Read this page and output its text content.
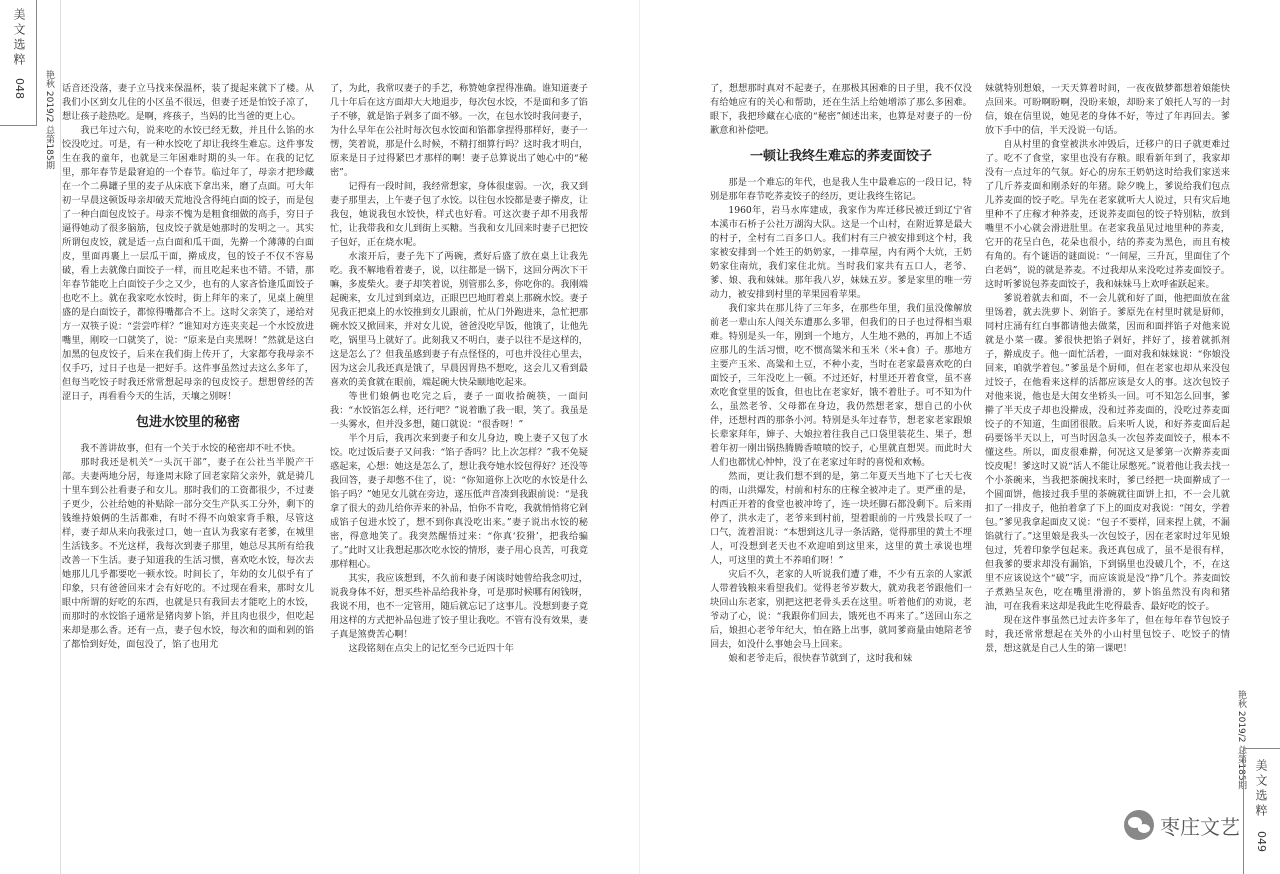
美文选粹
048 艳秋 2019/2 总第185期 话音还没落，妻子立马找来保温杯，装了提起来就下了楼。从我们小区到女儿住的小区虽不很远，但妻子还是怕饺子凉了，想让孩子趁热吃。是啊，疼孩子，当妈的比当爸的更上心。

我已年过六旬，说来吃的水饺已经无数，并且什么馅的水饺没吃过。可是，有一种水饺吃了却让我终生难忘。这件事发生在我的童年，也就是三年困难时期的头一年。在我的记忆里，那年春节是最窘迫的一个春节。临过年了，母亲才把珍藏在一个二鼻罐子里的麦子从床底下拿出来，磨了点面。可大年初一早晨这顿饭母亲却破天荒地没含得纯白面的饺子，而是包了一种白面包皮饺子。母亲不愧为是粗食细做的高手，穷日子逼得她动了很多脑筋，包皮饺子就是她那时的发明之一。其实所谓包皮饺，就是适一点白面和瓜干面，先擀一个薄薄的白面皮，里面再裹上一层瓜干面，擀成皮，包的饺子不仅不容易破，看上去就像白面饺子一样，而且吃起来也不错。不错，那年春节能吃上白面饺子少之又少，也有的人家吝恰逢瓜面饺子也吃不上。就在我家吃水饺时，街上拜年的来了，见桌上碗里盛的是白面饺子，都惊得嘴都合不上。这时父亲笑了，递给对方一双筷子说：“尝尝咋样？”谁知对方连夹夹起一个水饺放进嘴里，刚咬一口就笑了，说：“原来是白夹黑呀！”然就是这白加黑的包皮饺子，后来在我们街上传开了，大家都夸我母亲不仅手巧，过日子也是一把好手。这件事虽然过去这么多年了，但每当吃饺子时我还常常想起母亲的包皮饺子。想想曾经的苦涩日子，再看看今天的生活，天壤之别呀！

包进水饺里的秘密

我不善讲故事，但有一个关于水饺的秘密却不吐不快。

那时我还是机关“一头沉干部”，妻子在公社当半脱产干部。夫妻两地分居，每逢周末除了回老家陪父亲外，就是骑几十里车到公社看妻子和女儿。那时我们的工资都很少，不过妻子更少，公社给她的补贴除一部分交生产队买工分外，剩下的钱维持娘俩的生活都难，有时不得不向娘家背手粮，尽管这样，妻子却从来向我张过口，她一直认为我家有老爹，在城里生活钱多。不光这样，我每次到妻子那里，她总尽其所有给我改善一下生活。妻子知道我的生活习惯，喜欢吃水饺，每次去她那儿几乎都要吃一顿水饺。时间长了，年幼的女儿似乎有了印象，只有爸爸回来才会有好吃的。不过现在看来，那时女儿眼中所谓的好吃的东西，也就是只有我回去才能吃上的水饺，而那时的水饺馅子通常是猪肉萝卜馅，并且肉也很少，但吃起来却是那么香。还有一点，妻子包水饺，每次和的面和剁的馅了都恰到好处，面包没了，馅了也用尤

了，为此，我常叹妻子的手艺，称赞她拿捏得准确。谁知道妻子几十年后在这方面却大大地退步，每次包水饺，不是面和多了馅子不够，就是馅子剁多了面不够。一次，在包水饺时我问妻子，为什么早年在公社时每次包水饺面和馅都拿捏得那样好，妻子一愣，笑着说，那是什么时候，不精打细算行吗？这时我才明白，原来是日子过得紧巴才那样的啊！妻子总算说出了她心中的“秘密”。

记得有一段时间，我经常想家，身体很虚弱。一次，我又到妻子那里去，上午妻子包了水饺。以往包水饺都是妻子擀皮，让我包，她说我包水饺快，样式也好看。可这次妻子却不用我帮忙，让我带我和女儿到街上买糖。当我和女儿回来时妻子已把饺子包好，正在烧水呢。

水滚开后，妻子先下了两碗，煮好后盛了放在桌上让我先吃。我不解地看着妻子，说，以往都是一锅下，这回分两次下干嘛，多废柴火。妻子却笑着说，别管那么多，你吃你的。我刚端起碗来，女儿过到到桌边，正眼巴巴地盯着桌上那碗水饺。妻子见我正把桌上的水饺推到女儿跟前，忙从门外跑进来，急忙把那碗水饺又掀回来，并对女儿说，爸爸没吃早饭，他饿了，让他先吃，锅里马上就好了。此刻我又不明白，妻子以往不是这样的，这是怎么了？但我虽感到妻子有点怪怪的，可也并没往心里去，因为这会儿我还真是饿了，早晨因胃热不想吃，这会儿又看到最喜欢的美食就在眼前，端起碗大快朵颐地吃起来。

等世们娘俩也吃完之后，妻子一面收拾碗筷，一面问我：“水饺馅怎么样，还行吧？”说着瞧了我一眼，笑了。我虽是一头雾水，但并没多想，随口就说：“很香呀！”

半个月后，我再次来到妻子和女儿身边，晚上妻子又包了水饺。吃过饭后妻子又问我：“馅子香吗？比上次怎样？”我不免疑惑起来，心想：她这是怎么了，想让我夸她水饺包得好？还没等我回答，妻子却憋不住了，说：“你知道你上次吃的水饺是什么馅子吗？”她见女儿就在旁边，遂压低声音凑到我跟前说：“是我拿了很大的劲儿给你弄来的补品，怕你不肯吃，我就悄悄将它剁成馅子包进水饺了，想不到你真没吃出来。”妻子说出水饺的秘密，得意地笑了。我突然醒悟过来：“你真‘狡猾’，把我给骗了。”此时又让我想起那次吃水饺的情形，妻子用心良苦，可我竟那样粗心。

其实，我应该想到，不久前和妻子闲谈时她曾给我念叨过，说我身体不好，想买些补品给我补身，可是那时候哪有闲钱呀，我说不用，也不一定管用，随后就忘记了这事儿。没想到妻子竟用这样的方式把补品包进了饺子里让我吃。不管有没有效果，妻子真是煞费苦心啊！

这段铭刻在点尖上的记忆至今已近四十年

了，想想那时真对不起妻子，在那极其困难的日子里，我不仅没有给她应有的关心和帮助，还在生活上给她增添了那么多困难。眼下，我把珍藏在心底的“秘密”倾述出来，也算是对妻子的一份歉意和补偿吧。

一顿让我终生难忘的荞麦面饺子

那是一个难忘的年代，也是我人生中最难忘的一段日记，特别是那年春节吃荞麦饺子的经历，更让我终生铭记。

1960年，岩马水库建成，我家作为库迁移民被迁到辽宁省本溪市石桥子公社万湖沟大队。这是一个山村，在附近算是最大的村子，全村有二百多口人。我们村有三户被安排到这个村，我家被安排到一个姓王的奶奶家，一排草屋，内有两个大炕，王奶奶家住南炕，我们家住北炕。当时我们家共有五口人，老爷、爹、娘、我和妹妹。那年我八岁，妹妹五岁。爹是家里的唯一劳动力，被安排到村里的苹果园看苹果。

我们家共在那儿待了三年多，在那些年里，我们虽没像解放前老一辈山东人闯关东遭那么多罪，但我们的日子也过得相当艰难。特别是头一年，刚到一个地方，人生地不熟的，再加上不适应那儿的生活习惯，吃不惯高粱米和玉米（米+食）子。那地方主要产玉米、高粱和土豆，不种小麦，当时在老家最喜欢吃的白面饺子，三年没吃上一顿。不过还好，村里还开着食堂，虽不喜欢吃食堂里的饭食，但也比在老家好，饿不着肚子。可不知为什么，虽然老爷、父母都在身边，我仍然想老家，想自己的小伙伴，还想村西的那条小河。特别是头年过春节，想老家老家跟娘长辈家拜年，婶子、大娘拉着往我自己口袋里装花生、果子，想着年初一刚出锅热腾腾香喷喷的饺子，心里就直想哭。而此时大人们也都忧心忡忡，没了在老家过年时的喜悦和欢畅。

然而，更让我们想不到的是，第二年夏天当地下了七天七夜的雨，山洪爆发，村前和村东的庄稼全被冲走了。更严重的是，村西正开着的食堂也被冲垮了，连一块坯脚石都没剩下。后来雨停了，洪水走了，老爷来到村前，望着眼前的一片残景长叹了一口气，流着泪说：“本想到这儿寻一条活路，觉得那里的黄土不埋人，可没想到老天也不欢迎咱到这里来，这里的黄土承说也埋人，可这里的黄土不养咱们呀！”

灾后不久，老家的人听说我们遭了难，不少有五亲的人家派人带着钱粮来看望我们。觉得老爷岁数大，就劝我老爷跟他们一块回山东老家，别把这把老骨头丢在这里。听着他们的劝说，老爷动了心，说：“我跟你们回去，饿死也不再来了。”送回山东之后，娘担心老爷年纪大，怕在路上出事，就同爹商量由她陪老爷回去，如没什么事她会马上回来。

娘和老爷走后，很快春节就到了，这时我和妹

妹就特别想娘，一天天算着时间，一夜夜做梦都想着娘能快点回来。可盼啊盼啊，没盼来娘，却盼来了娘托人写的一封信，娘在信里说，她见老的身体不好，等过了年再回去。爹放下手中的信，半天没说一句话。

自从村里的食堂被洪水冲毁后，迁移户的日子就更难过了。吃不了食堂，家里也没有存粮。眼看新年到了，我家却没有一点过年的气氛。好心的房东王奶奶这时给我们家送来了几斤荞麦面和刚杀好的年猪。除夕晚上，爹说给我们包点儿荞麦面的饺子吃。早先在老家就听大人说过，只有灾后地里种不了庄稼才种荞麦，还说荞麦面包的饺子特别粘，放到嘴里不小心就会滑进肚里。在老家我虽见过地里种的荞麦，它开的花呈白色，花朵也很小，结的荞麦为黑色，而且有棱有角的。有个谜语的谜面说：“一间屋，三升瓦，里面住了个白老妈”，说的就是荞麦。不过我却从来没吃过荞麦面饺子。这时听爹说包荞麦面饺子，我和妹妹马上欢呼雀跃起来。

爹说着就去和面，不一会儿就和好了面，他把面放在盆里饧着，就去洗萝卜、剁馅子。爹原先在村里时就是厨师，同村庄涌有红白事都请他去做菜，因而和面拌馅子对他来说就是小菜一碟。爹很快把馅子剁好，拌好了，接着就抓剂子，擀成皮子。他一面忙活着，一面对我和妹妹说：“你娘没回来，咱就学着包。”爹虽是个厨师，但在老家也却从来没包过饺子，在他看来这样的活都应该是女人的事。这次包饺子对他来说，他也是大闺女坐轿头一回。可不知怎么回事，爹擀了半天皮子却也没擀成，没和过荞麦面的，没吃过荞麦面饺子的不知道，生面团很散。后来听人说，和好荞麦面后起码要饧半天以上，可当时因急头一次包荞麦面饺子，根本不懂这些。所以，面皮很难擀，何况这又是爹第一次擀荞麦面饺皮呢！爹这时又说“活人不能让尿憋死。”说着他让我去找一个小茶碗来，当我把茶碗找来时，爹已经把一块面擀成了一个圆面饼，他接过我手里的茶碗就往面饼上扣，不一会儿就扣了一排皮子，他拍着拿了下上的面皮对我说：“闺女，学着包。”爹见我拿起面皮又说：“包子不要样，回来捏上就，不漏馅就行了。”这里娘是我头一次包饺子，因在老家时过年见娘包过，凭着印象学包起来。我还真包成了，虽不是很有样，但我爹的要求却没有漏馅，下到锅里也没破几个，不，在这里不应该说这个“破”字，而应该说是没“挣”几个。荞麦面饺子煮熟呈灰色，吃在嘴里滑滑的，萝卜馅虽然没有肉和猪油，可在我看来这却是我此生吃得最香、最好吃的饺子。

现在这件事虽然已过去许多年了，但在每年春节包饺子时，我还常常想起在关外的小山村里包饺子、吃饺子的情景，想这就是自己人生的第一课吧！

艳秋 2019/2 总第185期 美文选粹
049
枣庄文艺
